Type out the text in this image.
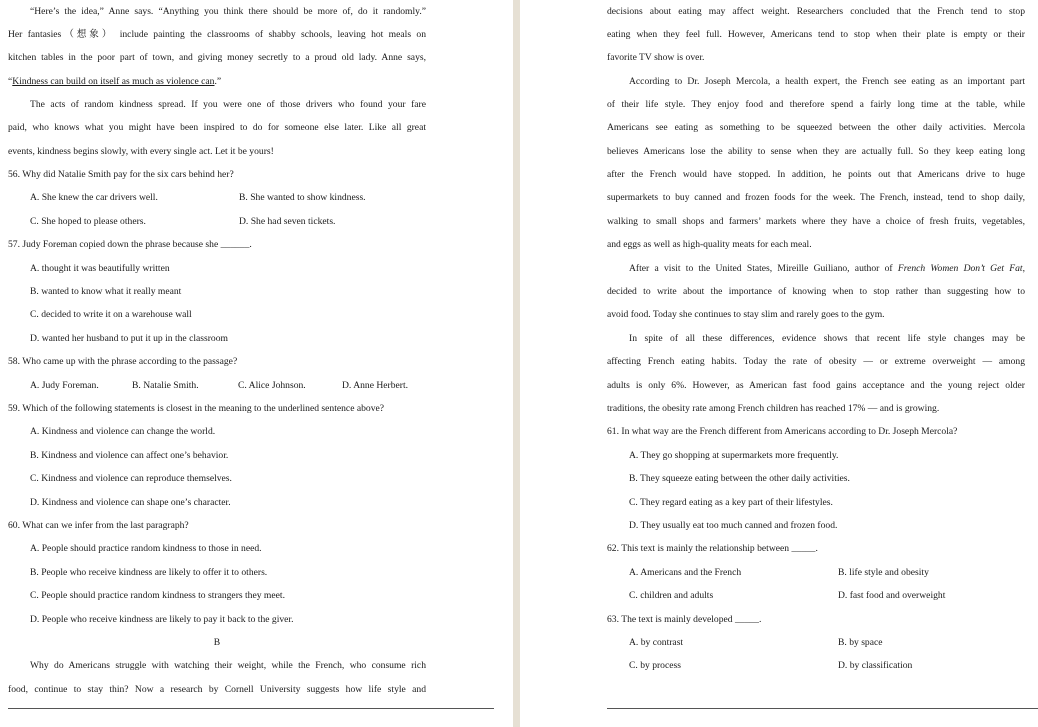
“Here’s the idea,” Anne says. “Anything you think there should be more of, do it randomly.”
Her fantasies（想象） include painting the classrooms of shabby schools, leaving hot meals on
kitchen tables in the poor part of town, and giving money secretly to a proud old lady. Anne says,
“Kindness can build on itself as much as violence can.”
The acts of random kindness spread. If you were one of those drivers who found your fare
paid, who knows what you might have been inspired to do for someone else later. Like all great
events, kindness begins slowly, with every single act. Let it be yours!
56. Why did Natalie Smith pay for the six cars behind her?
A. She knew the car drivers well.	B. She wanted to show kindness.
C. She hoped to please others.	D. She had seven tickets.
57. Judy Foreman copied down the phrase because she ______.
A. thought it was beautifully written
B. wanted to know what it really meant
C. decided to write it on a warehouse wall
D. wanted her husband to put it up in the classroom
58. Who came up with the phrase according to the passage?
A. Judy Foreman.	B. Natalie Smith.	C. Alice Johnson.	D. Anne Herbert.
59. Which of the following statements is closest in the meaning to the underlined sentence above?
A. Kindness and violence can change the world.
B. Kindness and violence can affect one’s behavior.
C. Kindness and violence can reproduce themselves.
D. Kindness and violence can shape one’s character.
60. What can we infer from the last paragraph?
A. People should practice random kindness to those in need.
B. People who receive kindness are likely to offer it to others.
C. People should practice random kindness to strangers they meet.
D. People who receive kindness are likely to pay it back to the giver.
B
Why do Americans struggle with watching their weight, while the French, who consume rich
food, continue to stay thin? Now a research by Cornell University suggests how life style and
decisions about eating may affect weight. Researchers concluded that the French tend to stop
eating when they feel full. However, Americans tend to stop when their plate is empty or their
favorite TV show is over.
According to Dr. Joseph Mercola, a health expert, the French see eating as an important part
of their life style. They enjoy food and therefore spend a fairly long time at the table, while
Americans see eating as something to be squeezed between the other daily activities. Mercola
believes Americans lose the ability to sense when they are actually full. So they keep eating long
after the French would have stopped. In addition, he points out that Americans drive to huge
supermarkets to buy canned and frozen foods for the week. The French, instead, tend to shop daily,
walking to small shops and farmers’ markets where they have a choice of fresh fruits, vegetables,
and eggs as well as high-quality meats for each meal.
After a visit to the United States, Mireille Guiliano, author of French Women Don’t Get Fat,
decided to write about the importance of knowing when to stop rather than suggesting how to
avoid food. Today she continues to stay slim and rarely goes to the gym.
In spite of all these differences, evidence shows that recent life style changes may be
affecting French eating habits. Today the rate of obesity — or extreme overweight — among
adults is only 6%. However, as American fast food gains acceptance and the young reject older
traditions, the obesity rate among French children has reached 17% — and is growing.
61. In what way are the French different from Americans according to Dr. Joseph Mercola?
A. They go shopping at supermarkets more frequently.
B. They squeeze eating between the other daily activities.
C. They regard eating as a key part of their lifestyles.
D. They usually eat too much canned and frozen food.
62. This text is mainly the relationship between _____.
A. Americans and the French	B. life style and obesity
C. children and adults	D. fast food and overweight
63. The text is mainly developed _____.
A. by contrast	B. by space
C. by process	D. by classification
